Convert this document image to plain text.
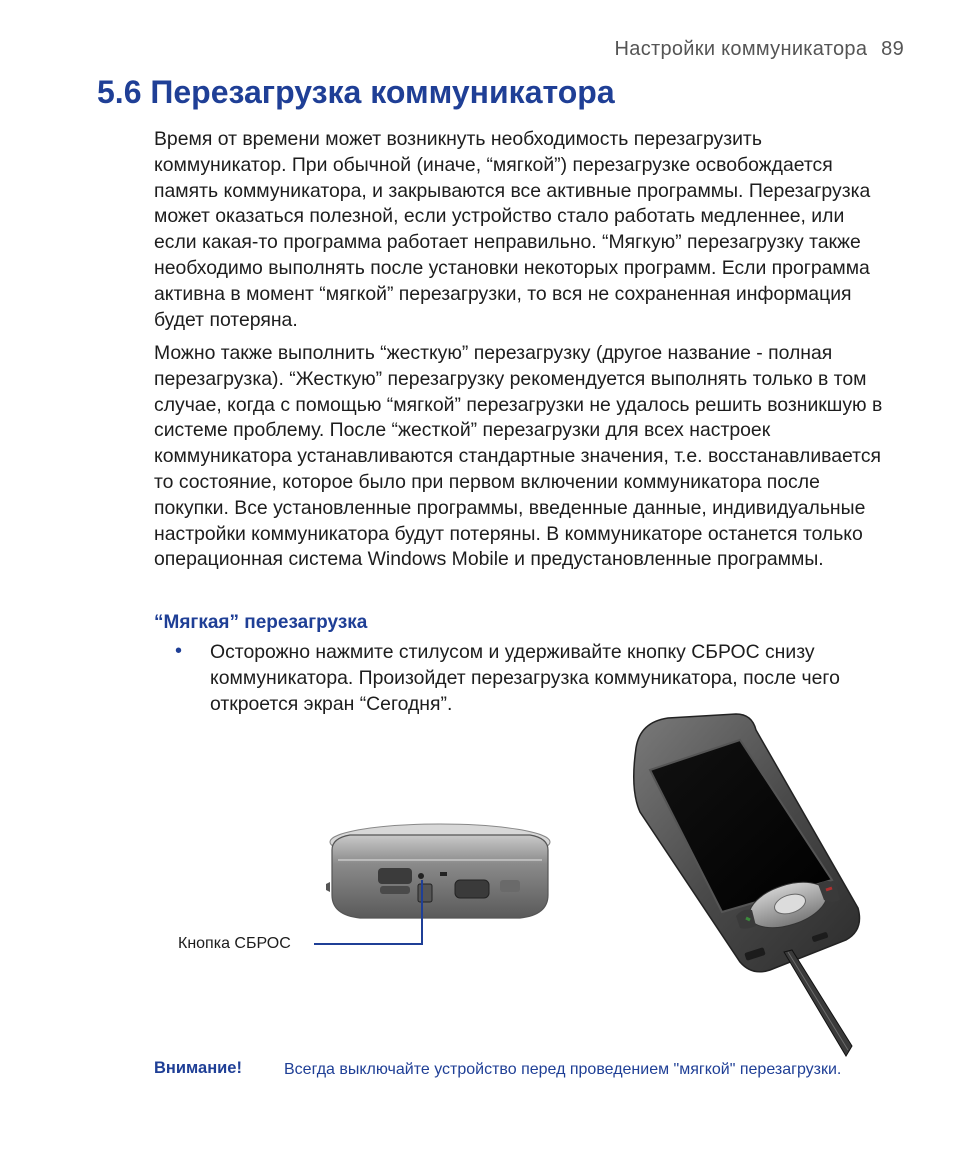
Настройки коммуникатора 89
5.6 Перезагрузка коммуникатора

Время от времени может возникнуть необходимость перезагрузить коммуникатор. При обычной (иначе, “мягкой”) перезагрузке освобождается память коммуникатора, и закрываются все активные программы. Перезагрузка может оказаться полезной, если устройство стало работать медленнее, или если какая-то программа работает неправильно. “Мягкую” перезагрузку также необходимо выполнять после установки некоторых программ. Если программа активна в момент “мягкой” перезагрузки, то вся не сохраненная информация будет потеряна.

Можно также выполнить “жесткую” перезагрузку (другое название - полная перезагрузка). “Жесткую” перезагрузку рекомендуется выполнять только в том случае, когда с помощью “мягкой” перезагрузки не удалось решить возникшую в системе проблему. После “жесткой” перезагрузки для всех настроек коммуникатора устанавливаются стандартные значения, т.е. восстанавливается то состояние, которое было при первом включении коммуникатора после покупки. Все установленные программы, введенные данные, индивидуальные настройки коммуникатора будут потеряны. В коммуникаторе останется только операционная система Windows Mobile и предустановленные программы.

“Мягкая” перезагрузка
• Осторожно нажмите стилусом и удерживайте кнопку СБРОС снизу коммуникатора. Произойдет перезагрузка коммуникатора, после чего откроется экран “Сегодня”.

Кнопка СБРОС
Внимание!	Всегда выключайте устройство перед проведением "мягкой" перезагрузки.
